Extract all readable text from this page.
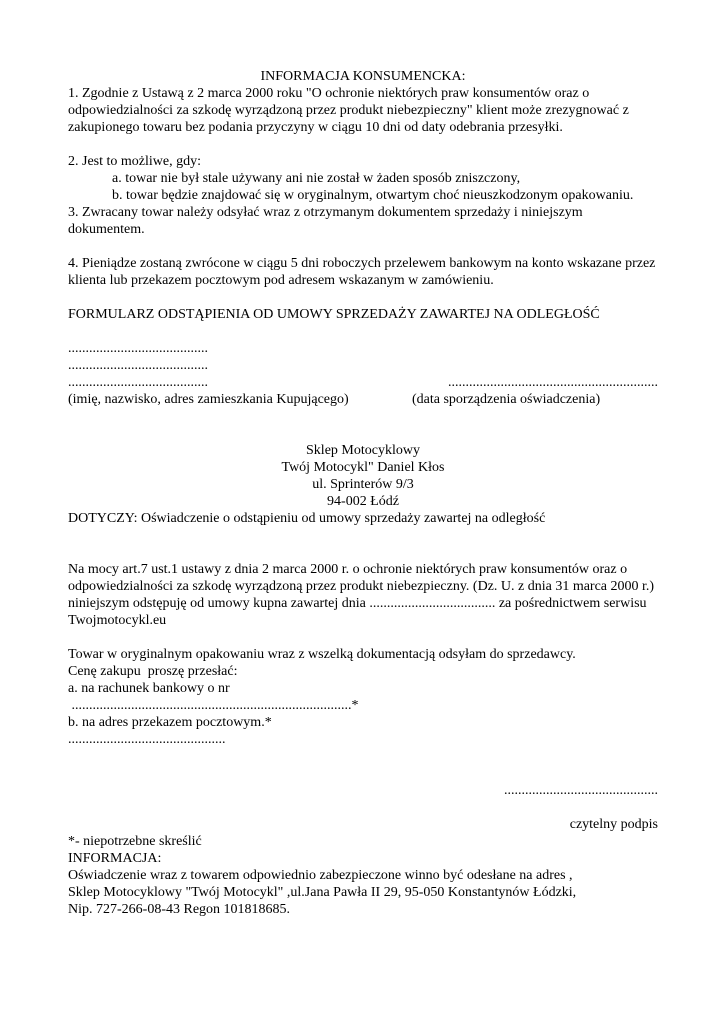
INFORMACJA KONSUMENCKA:

1. Zgodnie z Ustawą z 2 marca 2000 roku "O ochronie niektórych praw konsumentów oraz o odpowiedzialności za szkodę wyrządzoną przez produkt niebezpieczny" klient może zrezygnować z zakupionego towaru bez podania przyczyny w ciągu 10 dni od daty odebrania przesyłki.

2. Jest to możliwe, gdy:

a. towar nie był stale używany ani nie został w żaden sposób zniszczony,

b. towar będzie znajdować się w oryginalnym, otwartym choć nieuszkodzonym opakowaniu.

3. Zwracany towar należy odsyłać wraz z otrzymanym dokumentem sprzedaży i niniejszym dokumentem.

4. Pieniądze zostaną zwrócone w ciągu 5 dni roboczych przelewem bankowym na konto wskazane przez klienta lub przekazem pocztowym pod adresem wskazanym w zamówieniu.

FORMULARZ ODSTĄPIENIA OD UMOWY SPRZEDAŻY ZAWARTEJ NA ODLEGŁOŚĆ

........................................

........................................

........................................	............................................................
(imię, nazwisko, adres zamieszkania Kupującego)	(data sporządzenia oświadczenia)

Sklep Motocyklowy

Twój Motocykl" Daniel Kłos

ul. Sprinterów 9/3

94-002 Łódź

DOTYCZY: Oświadczenie o odstąpieniu od umowy sprzedaży zawartej na odległość

Na mocy art.7 ust.1 ustawy z dnia 2 marca 2000 r. o ochronie niektórych praw konsumentów oraz o odpowiedzialności za szkodę wyrządzoną przez produkt niebezpieczny. (Dz. U. z dnia 31 marca 2000 r.) niniejszym odstępuję od umowy kupna zawartej dnia .................................... za pośrednictwem serwisu Twojmotocykl.eu

Towar w oryginalnym opakowaniu wraz z wszelką dokumentacją odsyłam do sprzedawcy.

Cenę zakupu  proszę przesłać:

a. na rachunek bankowy o nr

................................................................................*

b. na adres przekazem pocztowym.*

.............................................

............................................

czytelny podpis

*- niepotrzebne skreślić

INFORMACJA:

Oświadczenie wraz z towarem odpowiednio zabezpieczone winno być odesłane na adres ,

Sklep Motocyklowy "Twój Motocykl" ,ul.Jana Pawła II 29, 95-050 Konstantynów Łódzki,

Nip. 727-266-08-43 Regon 101818685.
